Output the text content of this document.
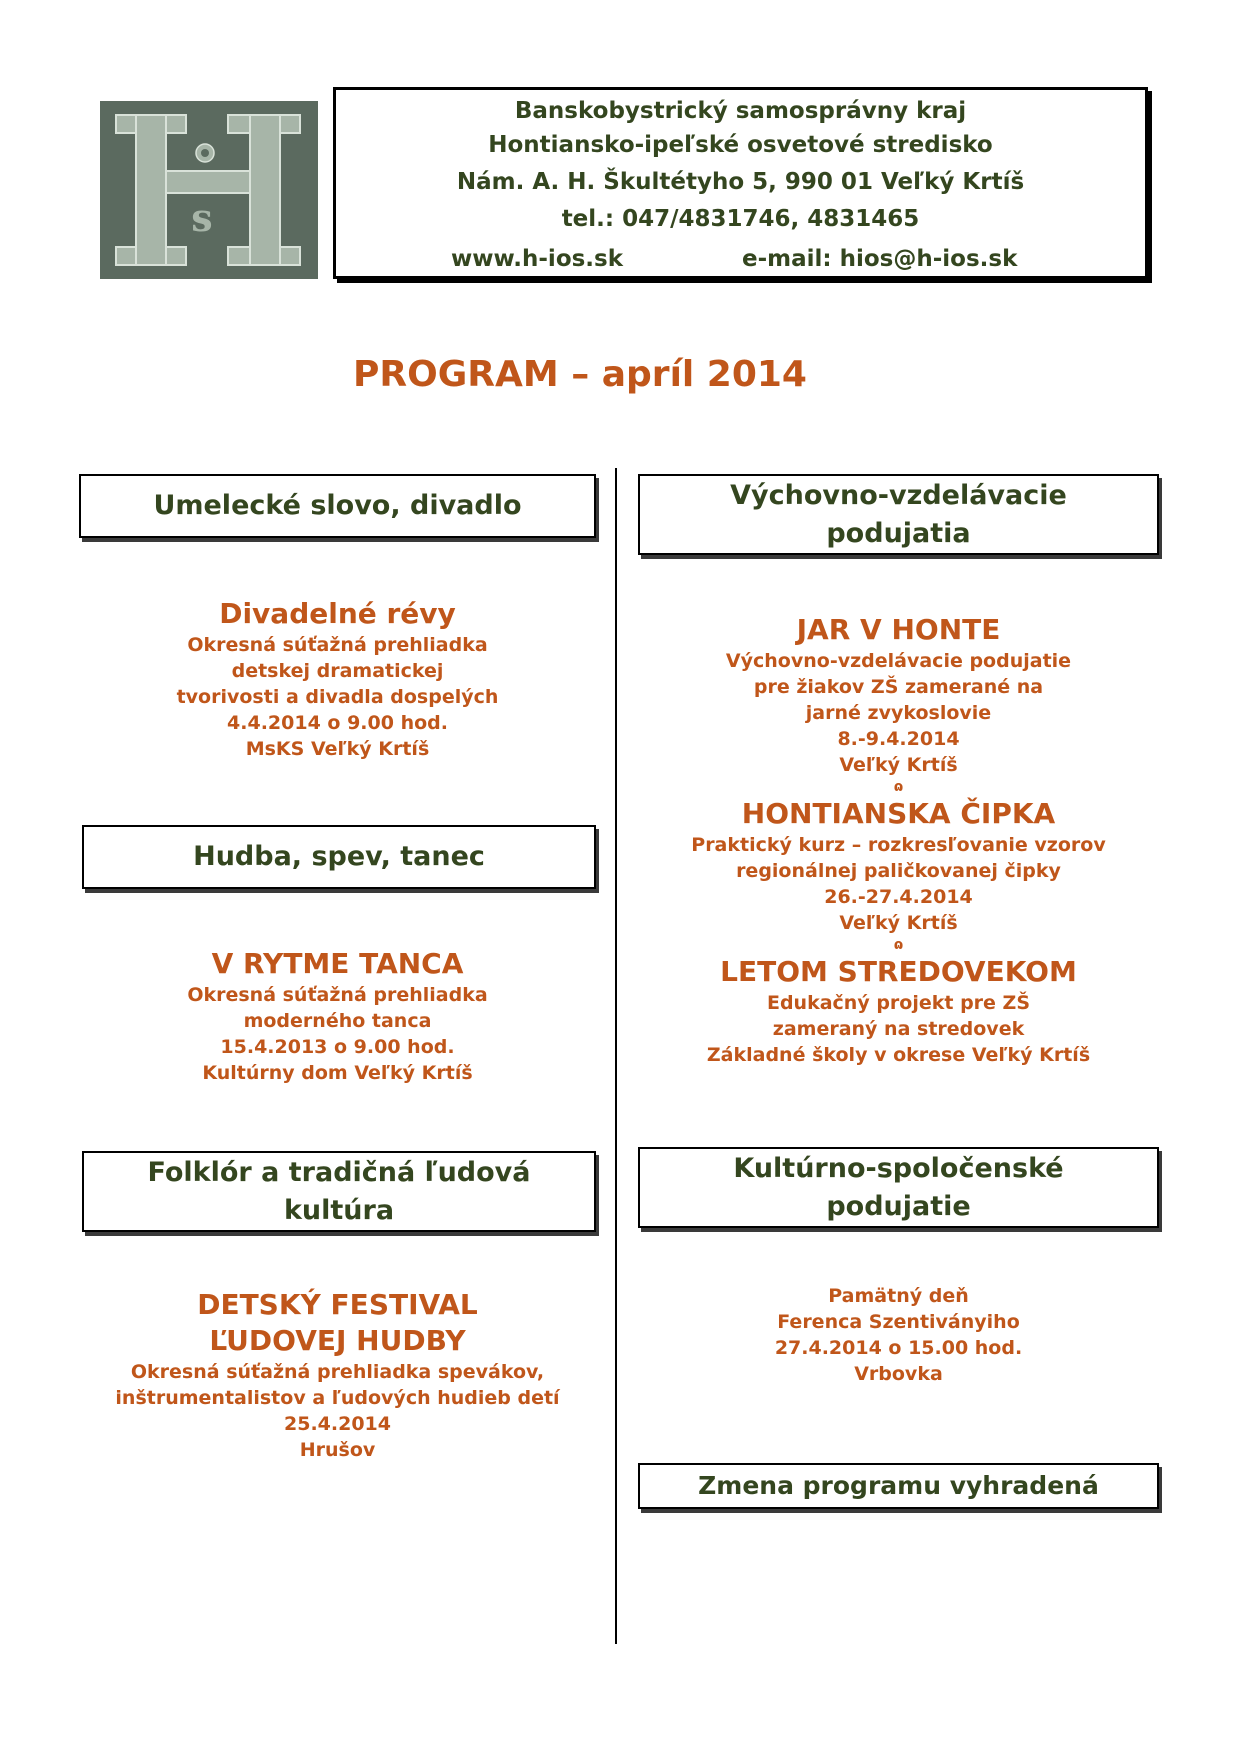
s
Banskobystrický samosprávny kraj
Hontiansko-ipeľské osvetové stredisko
Nám. A. H. Škultétyho 5, 990 01 Veľký Krtíš
tel.: 047/4831746, 4831465
www.h-ios.sk	e-mail: hios@h-ios.sk
PROGRAM – apríl 2014
Umelecké slovo, divadlo
Divadelné révy
Okresná súťažná prehliadka
detskej dramatickej
tvorivosti a divadla dospelých
4.4.2014 o 9.00 hod.
MsKS Veľký Krtíš
Hudba, spev, tanec
V RYTME TANCA
Okresná súťažná prehliadka
moderného tanca
15.4.2013 o 9.00 hod.
Kultúrny dom Veľký Krtíš
Folklór a tradičná ľudová
kultúra
DETSKÝ FESTIVAL
ĽUDOVEJ HUDBY
Okresná súťažná prehliadka spevákov,
inštrumentalistov a ľudových hudieb detí
25.4.2014
Hrušov
Výchovno-vzdelávacie
podujatia
JAR V HONTE
Výchovno-vzdelávacie podujatie
pre žiakov ZŠ zamerané na
jarné zvykoslovie
8.-9.4.2014
Veľký Krtíš
ɷ
HONTIANSKA ČIPKA
Praktický kurz – rozkresľovanie vzorov
regionálnej paličkovanej čipky
26.-27.4.2014
Veľký Krtíš
ɷ
LETOM STREDOVEKOM
Edukačný projekt pre ZŠ
zameraný na stredovek
Základné školy v okrese Veľký Krtíš
Kultúrno-spoločenské
podujatie
Pamätný deň
Ferenca Szentiványiho
27.4.2014 o 15.00 hod.
Vrbovka
Zmena programu vyhradená
